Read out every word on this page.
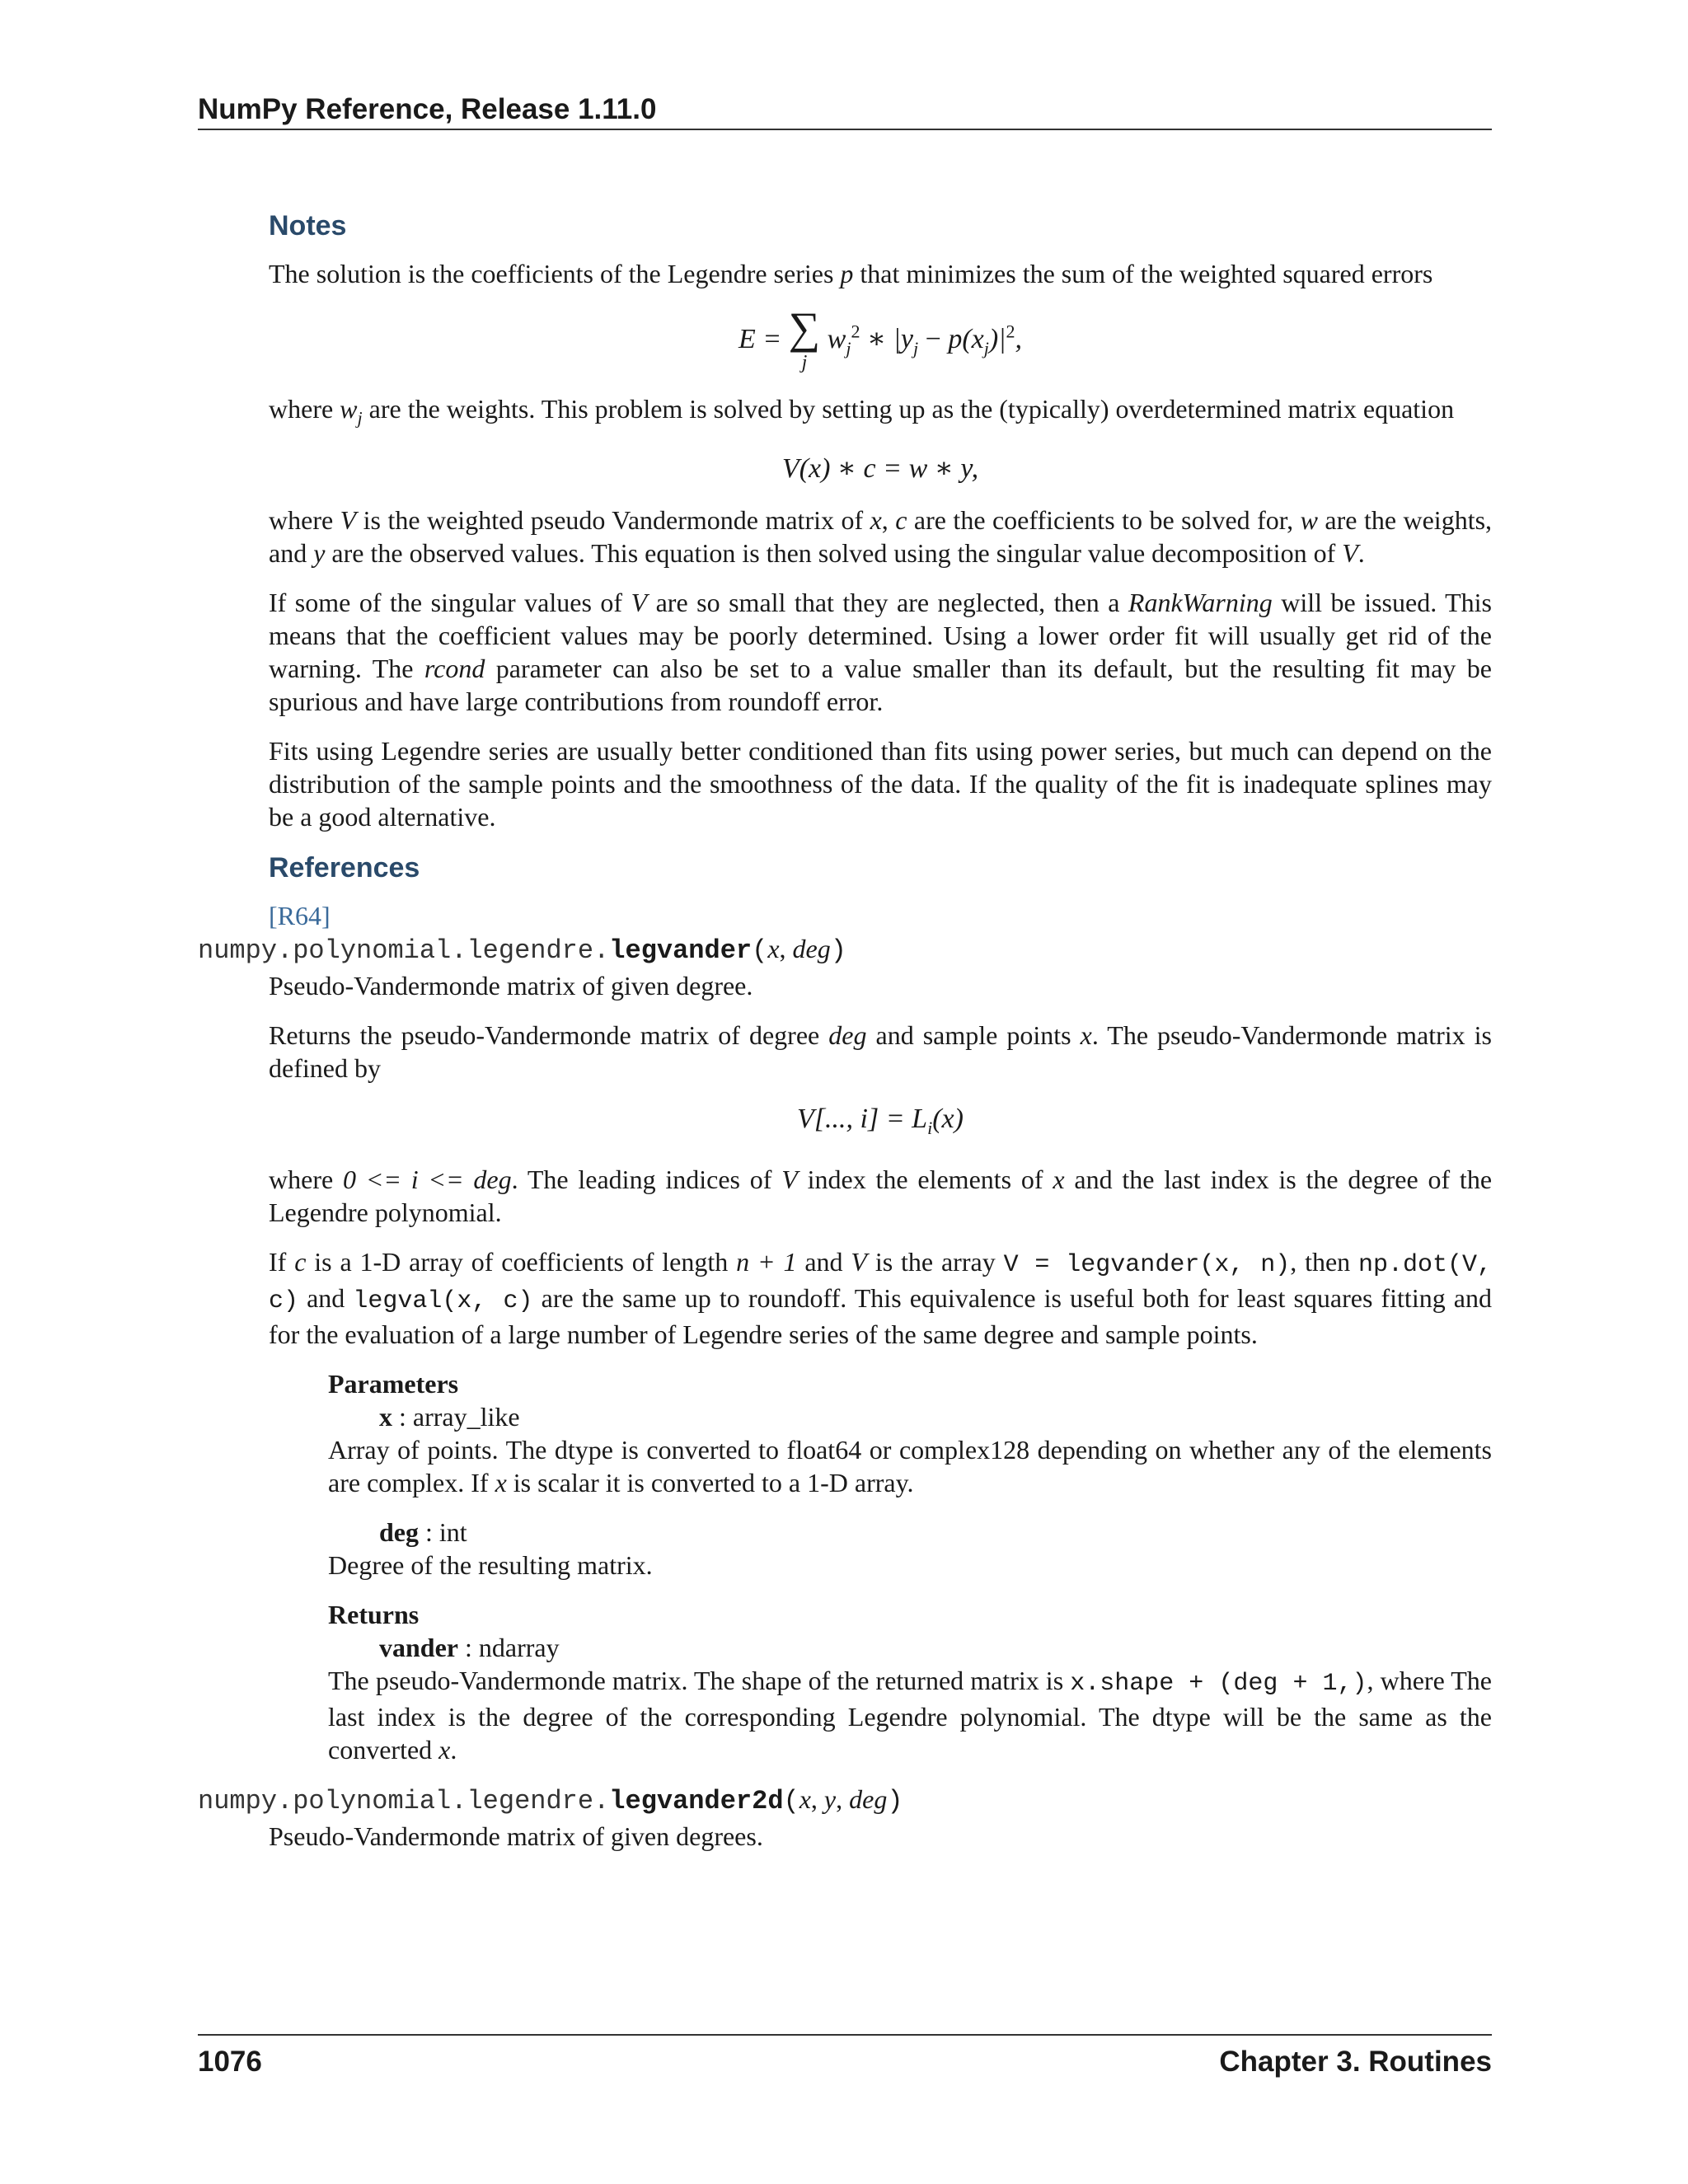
NumPy Reference, Release 1.11.0
Notes

The solution is the coefficients of the Legendre series p that minimizes the sum of the weighted squared errors

E = ∑
j
$w_j^2$ ∗ $|y_j - p(x_j)|^2$,

where $w_j$ are the weights. This problem is solved by setting up as the (typically) overdetermined matrix equation

V(x) ∗ c = w ∗ y,

where V is the weighted pseudo Vandermonde matrix of x, c are the coefficients to be solved for, w are the weights, and y are the observed values. This equation is then solved using the singular value decomposition of V.

If some of the singular values of V are so small that they are neglected, then a RankWarning will be issued. This means that the coefficient values may be poorly determined. Using a lower order fit will usually get rid of the warning. The rcond parameter can also be set to a value smaller than its default, but the resulting fit may be spurious and have large contributions from roundoff error.

Fits using Legendre series are usually better conditioned than fits using power series, but much can depend on the distribution of the sample points and the smoothness of the data. If the quality of the fit is inadequate splines may be a good alternative.

References

[R64]

numpy.polynomial.legendre.legvander(x, deg)

Pseudo-Vandermonde matrix of given degree.

Returns the pseudo-Vandermonde matrix of degree deg and sample points x. The pseudo-Vandermonde matrix is defined by

V[..., $i] = L_i(x)$

where 0 <= i <= deg. The leading indices of V index the elements of x and the last index is the degree of the Legendre polynomial.

If c is a 1-D array of coefficients of length n + 1 and V is the array V = legvander(x, n), then np.dot(V, c) and legval(x, c) are the same up to roundoff. This equivalence is useful both for least squares fitting and for the evaluation of a large number of Legendre series of the same degree and sample points.

Parameters
x : array_like

Array of points. The dtype is converted to float64 or complex128 depending on whether any of the elements are complex. If x is scalar it is converted to a 1-D array.

deg : int

Degree of the resulting matrix.

Returns
vander : ndarray

The pseudo-Vandermonde matrix. The shape of the returned matrix is x.shape + (deg + 1,), where The last index is the degree of the corresponding Legendre polynomial. The dtype will be the same as the converted x.

numpy.polynomial.legendre.legvander2d(x, y, deg)

Pseudo-Vandermonde matrix of given degrees.

1076	Chapter 3. Routines
